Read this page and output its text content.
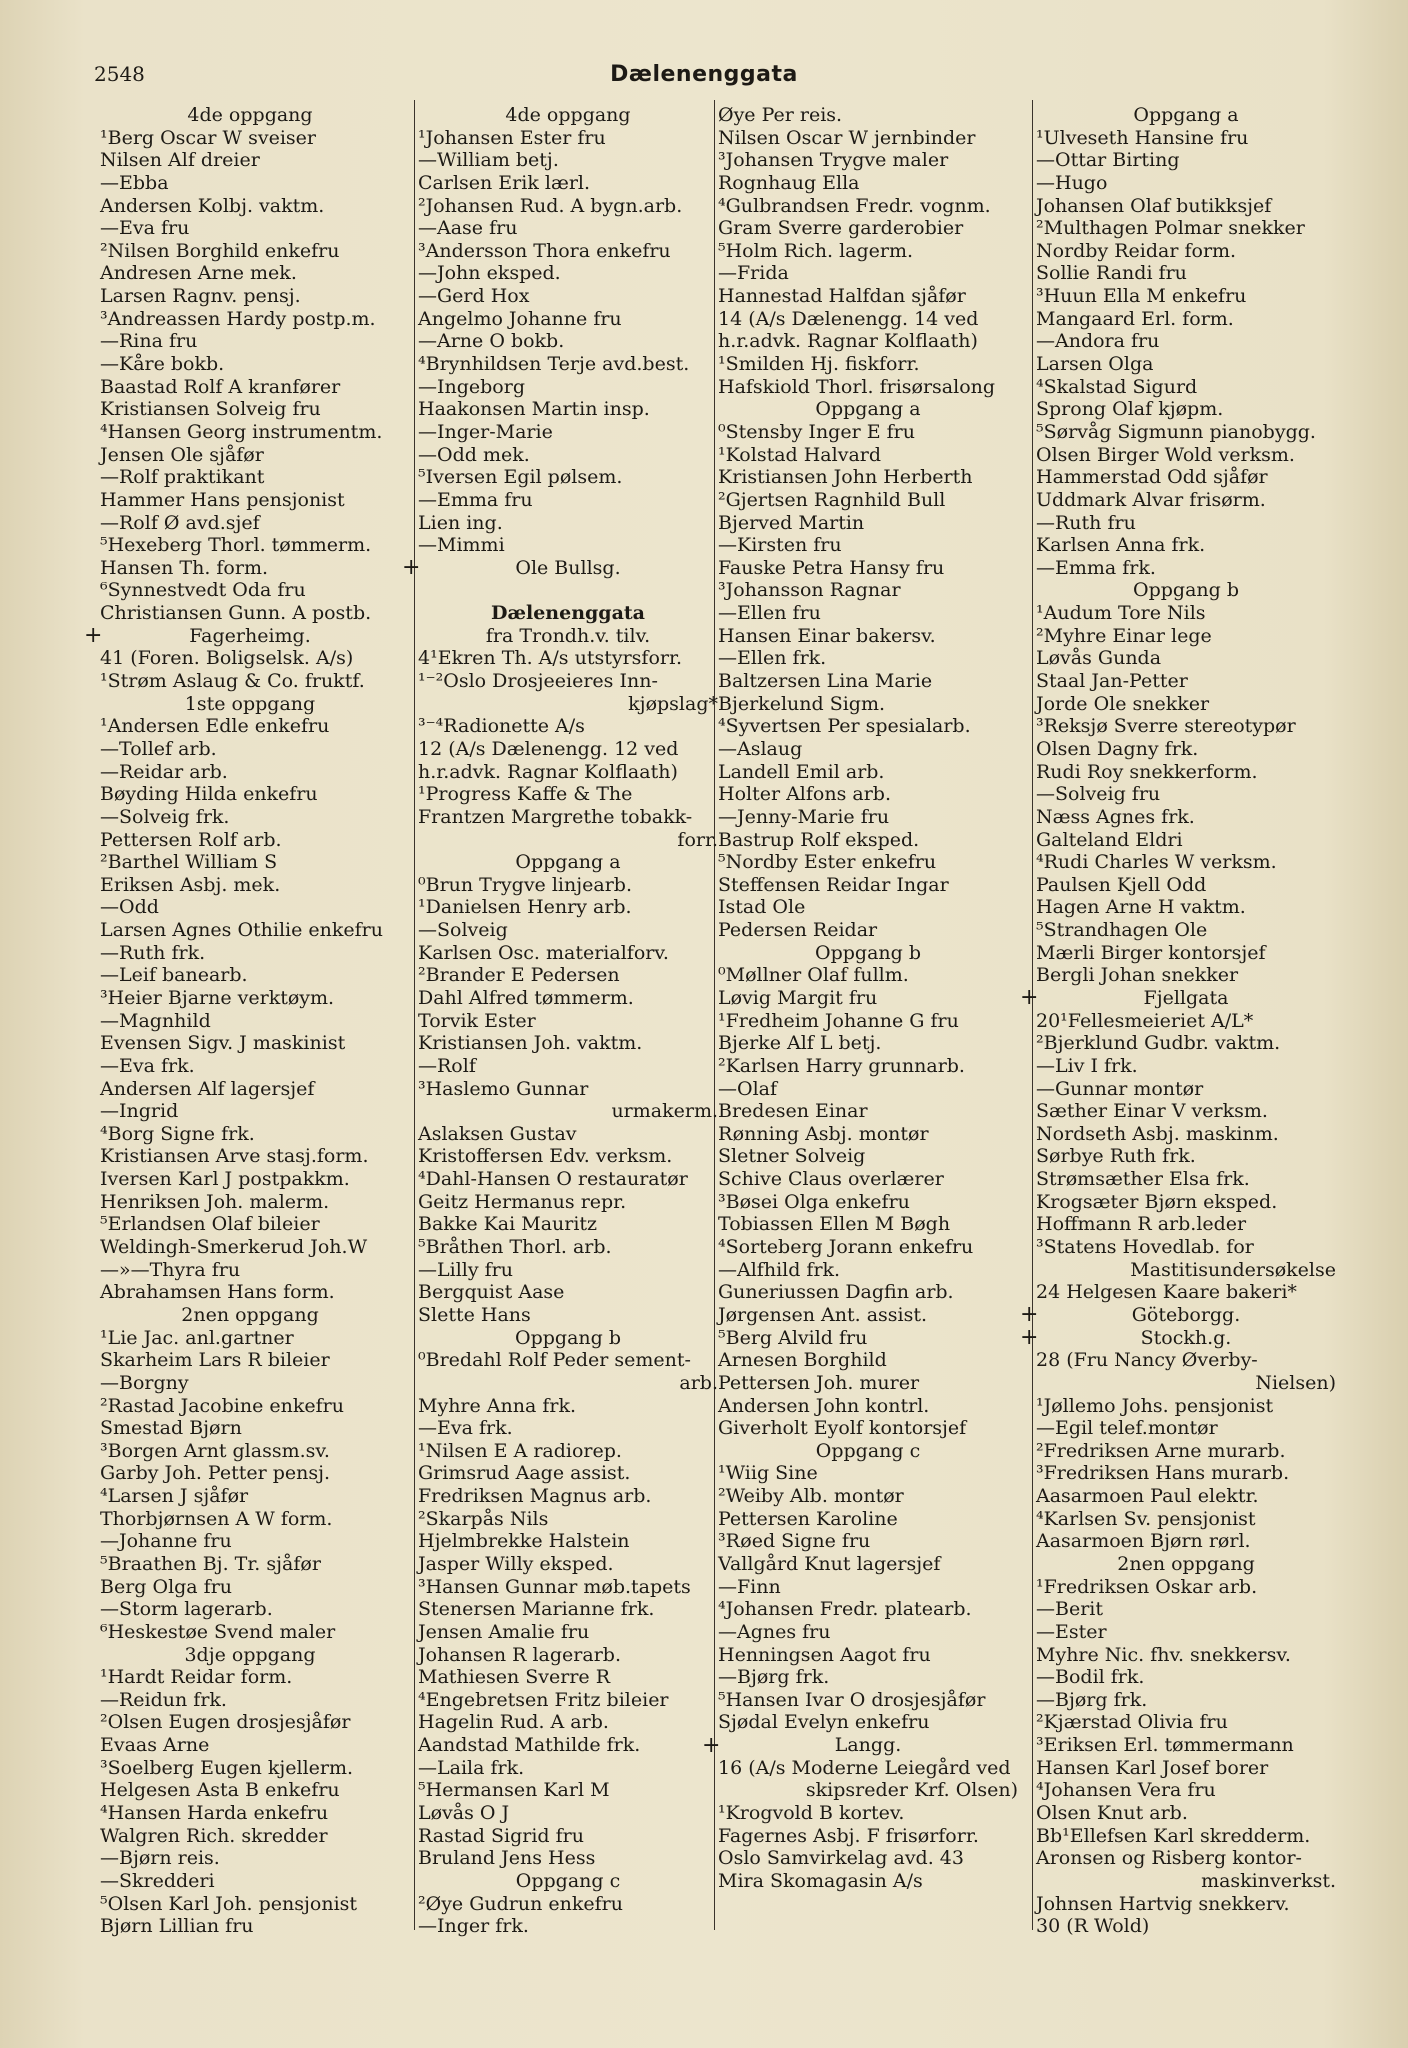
2548	Dælenenggata
4de oppgang
¹Berg Oscar W sveiser
Nilsen Alf dreier
—Ebba
Andersen Kolbj. vaktm.
—Eva fru
²Nilsen Borghild enkefru
Andresen Arne mek.
Larsen Ragnv. pensj.
³Andreassen Hardy postp.m.
—Rina fru
—Kåre bokb.
Baastad Rolf A kranfører
Kristiansen Solveig fru
⁴Hansen Georg instrumentm.
Jensen Ole sjåfør
—Rolf praktikant
Hammer Hans pensjonist
—Rolf Ø avd.sjef
⁵Hexeberg Thorl. tømmerm.
Hansen Th. form.
⁶Synnestvedt Oda fru
Christiansen Gunn. A postb.
Fagerheimg.
+
41 (Foren. Boligselsk. A/s)
¹Strøm Aslaug & Co. fruktf.
1ste oppgang
¹Andersen Edle enkefru
—Tollef arb.
—Reidar arb.
Bøyding Hilda enkefru
—Solveig frk.
Pettersen Rolf arb.
²Barthel William S
Eriksen Asbj. mek.
—Odd
Larsen Agnes Othilie enkefru
—Ruth frk.
—Leif banearb.
³Heier Bjarne verktøym.
—Magnhild
Evensen Sigv. J maskinist
—Eva frk.
Andersen Alf lagersjef
—Ingrid
⁴Borg Signe frk.
Kristiansen Arve stasj.form.
Iversen Karl J postpakkm.
Henriksen Joh. malerm.
⁵Erlandsen Olaf bileier
Weldingh-Smerkerud Joh.W
—»—Thyra fru
Abrahamsen Hans form.
2nen oppgang
¹Lie Jac. anl.gartner
Skarheim Lars R bileier
—Borgny
²Rastad Jacobine enkefru
Smestad Bjørn
³Borgen Arnt glassm.sv.
Garby Joh. Petter pensj.
⁴Larsen J sjåfør
Thorbjørnsen A W form.
—Johanne fru
⁵Braathen Bj. Tr. sjåfør
Berg Olga fru
—Storm lagerarb.
⁶Heskestøe Svend maler
3dje oppgang
¹Hardt Reidar form.
—Reidun frk.
²Olsen Eugen drosjesjåfør
Evaas Arne
³Soelberg Eugen kjellerm.
Helgesen Asta B enkefru
⁴Hansen Harda enkefru
Walgren Rich. skredder
—Bjørn reis.
—Skredderi
⁵Olsen Karl Joh. pensjonist
Bjørn Lillian fru
4de oppgang
¹Johansen Ester fru
—William betj.
Carlsen Erik lærl.
²Johansen Rud. A bygn.arb.
—Aase fru
³Andersson Thora enkefru
—John eksped.
—Gerd Hox
Angelmo Johanne fru
—Arne O bokb.
⁴Brynhildsen Terje avd.best.
—Ingeborg
Haakonsen Martin insp.
—Inger-Marie
—Odd mek.
⁵Iversen Egil pølsem.
—Emma fru
Lien ing.
—Mimmi
Ole Bullsg.
+
Dælenenggata
fra Trondh.v. tilv.
4¹Ekren Th. A/s utstyrsforr.
¹⁻²Oslo Drosjeeieres Inn-
kjøpslag*
³⁻⁴Radionette A/s
12 (A/s Dælenengg. 12 ved
h.r.advk. Ragnar Kolflaath)
¹Progress Kaffe & The
Frantzen Margrethe tobakk-
forr.
Oppgang a
⁰Brun Trygve linjearb.
¹Danielsen Henry arb.
—Solveig
Karlsen Osc. materialforv.
²Brander E Pedersen
Dahl Alfred tømmerm.
Torvik Ester
Kristiansen Joh. vaktm.
—Rolf
³Haslemo Gunnar
urmakerm.
Aslaksen Gustav
Kristoffersen Edv. verksm.
⁴Dahl-Hansen O restauratør
Geitz Hermanus repr.
Bakke Kai Mauritz
⁵Bråthen Thorl. arb.
—Lilly fru
Bergquist Aase
Slette Hans
Oppgang b
⁰Bredahl Rolf Peder sement-
arb.
Myhre Anna frk.
—Eva frk.
¹Nilsen E A radiorep.
Grimsrud Aage assist.
Fredriksen Magnus arb.
²Skarpås Nils
Hjelmbrekke Halstein
Jasper Willy eksped.
³Hansen Gunnar møb.tapets
Stenersen Marianne frk.
Jensen Amalie fru
Johansen R lagerarb.
Mathiesen Sverre R
⁴Engebretsen Fritz bileier
Hagelin Rud. A arb.
Aandstad Mathilde frk.
—Laila frk.
⁵Hermansen Karl M
Løvås O J
Rastad Sigrid fru
Bruland Jens Hess
Oppgang c
²Øye Gudrun enkefru
—Inger frk.
Øye Per reis.
Nilsen Oscar W jernbinder
³Johansen Trygve maler
Rognhaug Ella
⁴Gulbrandsen Fredr. vognm.
Gram Sverre garderobier
⁵Holm Rich. lagerm.
—Frida
Hannestad Halfdan sjåfør
14 (A/s Dælenengg. 14 ved
h.r.advk. Ragnar Kolflaath)
¹Smilden Hj. fiskforr.
Hafskiold Thorl. frisørsalong
Oppgang a
⁰Stensby Inger E fru
¹Kolstad Halvard
Kristiansen John Herberth
²Gjertsen Ragnhild Bull
Bjerved Martin
—Kirsten fru
Fauske Petra Hansy fru
³Johansson Ragnar
—Ellen fru
Hansen Einar bakersv.
—Ellen frk.
Baltzersen Lina Marie
Bjerkelund Sigm.
⁴Syvertsen Per spesialarb.
—Aslaug
Landell Emil arb.
Holter Alfons arb.
—Jenny-Marie fru
Bastrup Rolf eksped.
⁵Nordby Ester enkefru
Steffensen Reidar Ingar
Istad Ole
Pedersen Reidar
Oppgang b
⁰Møllner Olaf fullm.
Løvig Margit fru
¹Fredheim Johanne G fru
Bjerke Alf L betj.
²Karlsen Harry grunnarb.
—Olaf
Bredesen Einar
Rønning Asbj. montør
Sletner Solveig
Schive Claus overlærer
³Bøsei Olga enkefru
Tobiassen Ellen M Bøgh
⁴Sorteberg Jorann enkefru
—Alfhild frk.
Guneriussen Dagfin arb.
Jørgensen Ant. assist.
⁵Berg Alvild fru
Arnesen Borghild
Pettersen Joh. murer
Andersen John kontrl.
Giverholt Eyolf kontorsjef
Oppgang c
¹Wiig Sine
²Weiby Alb. montør
Pettersen Karoline
³Røed Signe fru
Vallgård Knut lagersjef
—Finn
⁴Johansen Fredr. platearb.
—Agnes fru
Henningsen Aagot fru
—Bjørg frk.
⁵Hansen Ivar O drosjesjåfør
Sjødal Evelyn enkefru
Langg.
+
16 (A/s Moderne Leiegård ved
skipsreder Krf. Olsen)
¹Krogvold B kortev.
Fagernes Asbj. F frisørforr.
Oslo Samvirkelag avd. 43
Mira Skomagasin A/s
Oppgang a
¹Ulveseth Hansine fru
—Ottar Birting
—Hugo
Johansen Olaf butikksjef
²Multhagen Polmar snekker
Nordby Reidar form.
Sollie Randi fru
³Huun Ella M enkefru
Mangaard Erl. form.
—Andora fru
Larsen Olga
⁴Skalstad Sigurd
Sprong Olaf kjøpm.
⁵Sørvåg Sigmunn pianobygg.
Olsen Birger Wold verksm.
Hammerstad Odd sjåfør
Uddmark Alvar frisørm.
—Ruth fru
Karlsen Anna frk.
—Emma frk.
Oppgang b
¹Audum Tore Nils
²Myhre Einar lege
Løvås Gunda
Staal Jan-Petter
Jorde Ole snekker
³Reksjø Sverre stereotypør
Olsen Dagny frk.
Rudi Roy snekkerform.
—Solveig fru
Næss Agnes frk.
Galteland Eldri
⁴Rudi Charles W verksm.
Paulsen Kjell Odd
Hagen Arne H vaktm.
⁵Strandhagen Ole
Mærli Birger kontorsjef
Bergli Johan snekker
Fjellgata
+
20¹Fellesmeieriet A/L*
²Bjerklund Gudbr. vaktm.
—Liv I frk.
—Gunnar montør
Sæther Einar V verksm.
Nordseth Asbj. maskinm.
Sørbye Ruth frk.
Strømsæther Elsa frk.
Krogsæter Bjørn eksped.
Hoffmann R arb.leder
³Statens Hovedlab. for
Mastitisundersøkelse
24 Helgesen Kaare bakeri*
Göteborgg.
+
Stockh.g.
+
28 (Fru Nancy Øverby-
Nielsen)
¹Jøllemo Johs. pensjonist
—Egil telef.montør
²Fredriksen Arne murarb.
³Fredriksen Hans murarb.
Aasarmoen Paul elektr.
⁴Karlsen Sv. pensjonist
Aasarmoen Bjørn rørl.
2nen oppgang
¹Fredriksen Oskar arb.
—Berit
—Ester
Myhre Nic. fhv. snekkersv.
—Bodil frk.
—Bjørg frk.
²Kjærstad Olivia fru
³Eriksen Erl. tømmermann
Hansen Karl Josef borer
⁴Johansen Vera fru
Olsen Knut arb.
Bb¹Ellefsen Karl skredderm.
Aronsen og Risberg kontor-
maskinverkst.
Johnsen Hartvig snekkerv.
30 (R Wold)
